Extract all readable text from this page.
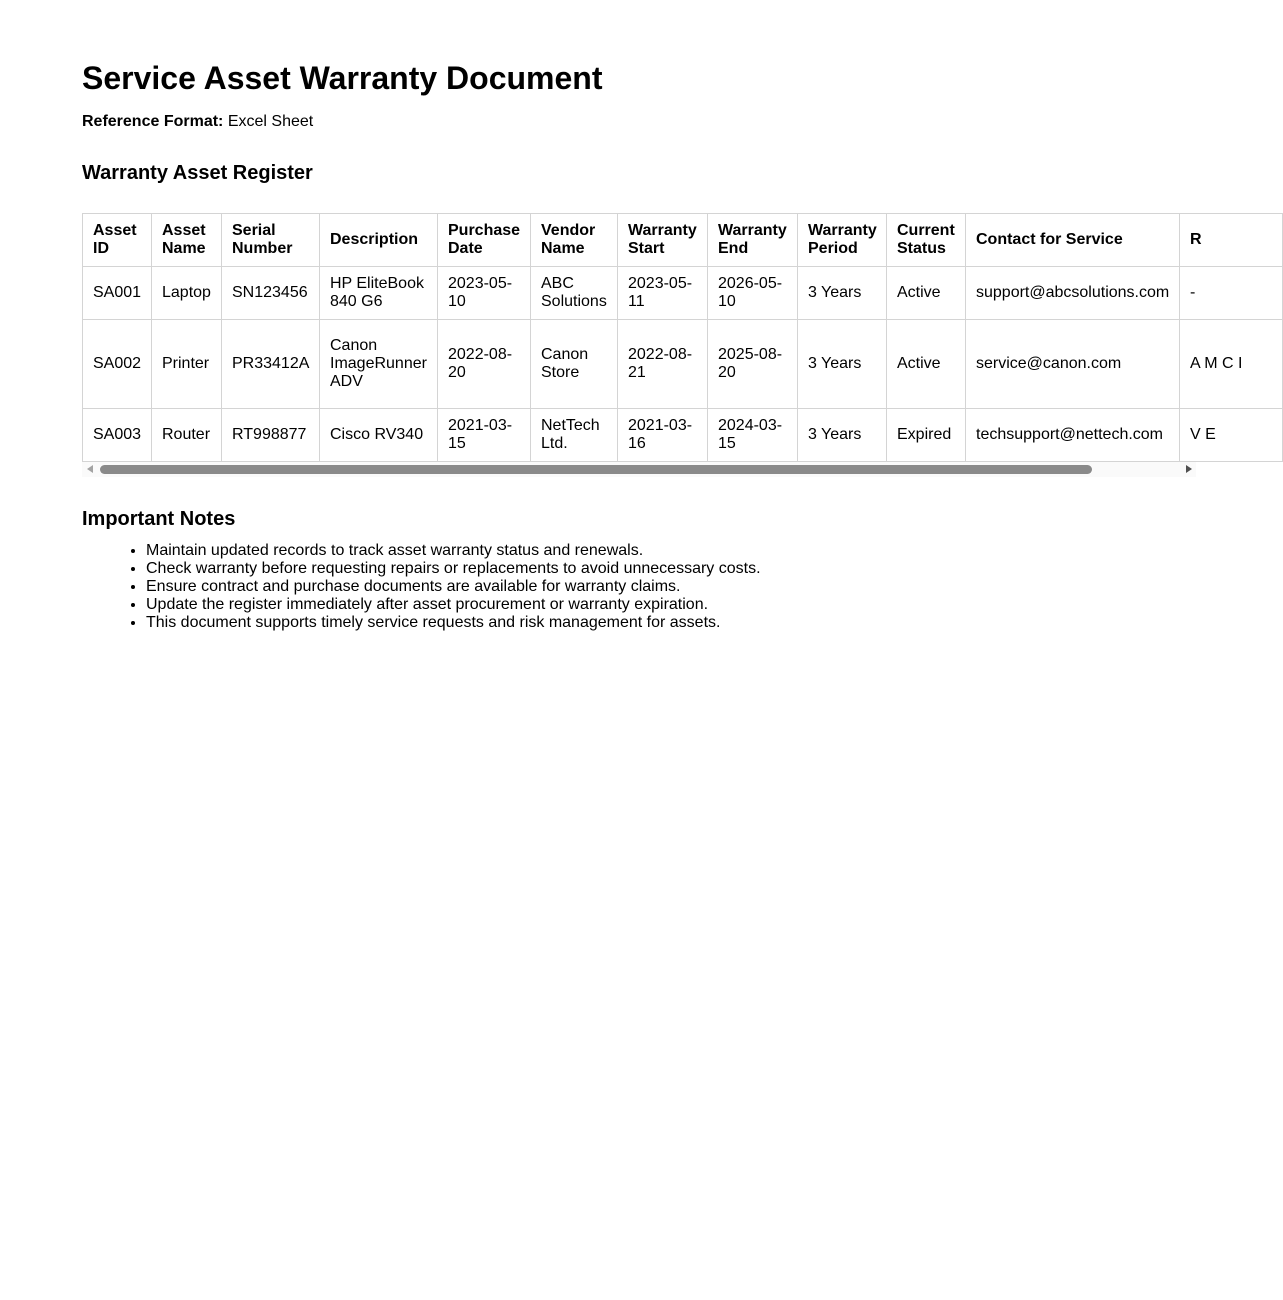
Service Asset Warranty Document
Reference Format: Excel Sheet
Warranty Asset Register
Asset ID	Asset Name	Serial Number	Description	Purchase Date	Vendor Name	Warranty Start	Warranty End	Warranty Period	Current Status	Contact for Service	R
SA001	Laptop	SN123456	HP EliteBook 840 G6	2023-05-10	ABC Solutions	2023-05-11	2026-05-10	3 Years	Active	support@abcsolutions.com	-
SA002	Printer	PR33412A	Canon ImageRunner ADV	2022-08-20	Canon Store	2022-08-21	2025-08-20	3 Years	Active	service@canon.com	A M C I
SA003	Router	RT998877	Cisco RV340	2021-03-15	NetTech Ltd.	2021-03-16	2024-03-15	3 Years	Expired	techsupport@nettech.com	V E
Important Notes
• Maintain updated records to track asset warranty status and renewals.
• Check warranty before requesting repairs or replacements to avoid unnecessary costs.
• Ensure contract and purchase documents are available for warranty claims.
• Update the register immediately after asset procurement or warranty expiration.
• This document supports timely service requests and risk management for assets.
